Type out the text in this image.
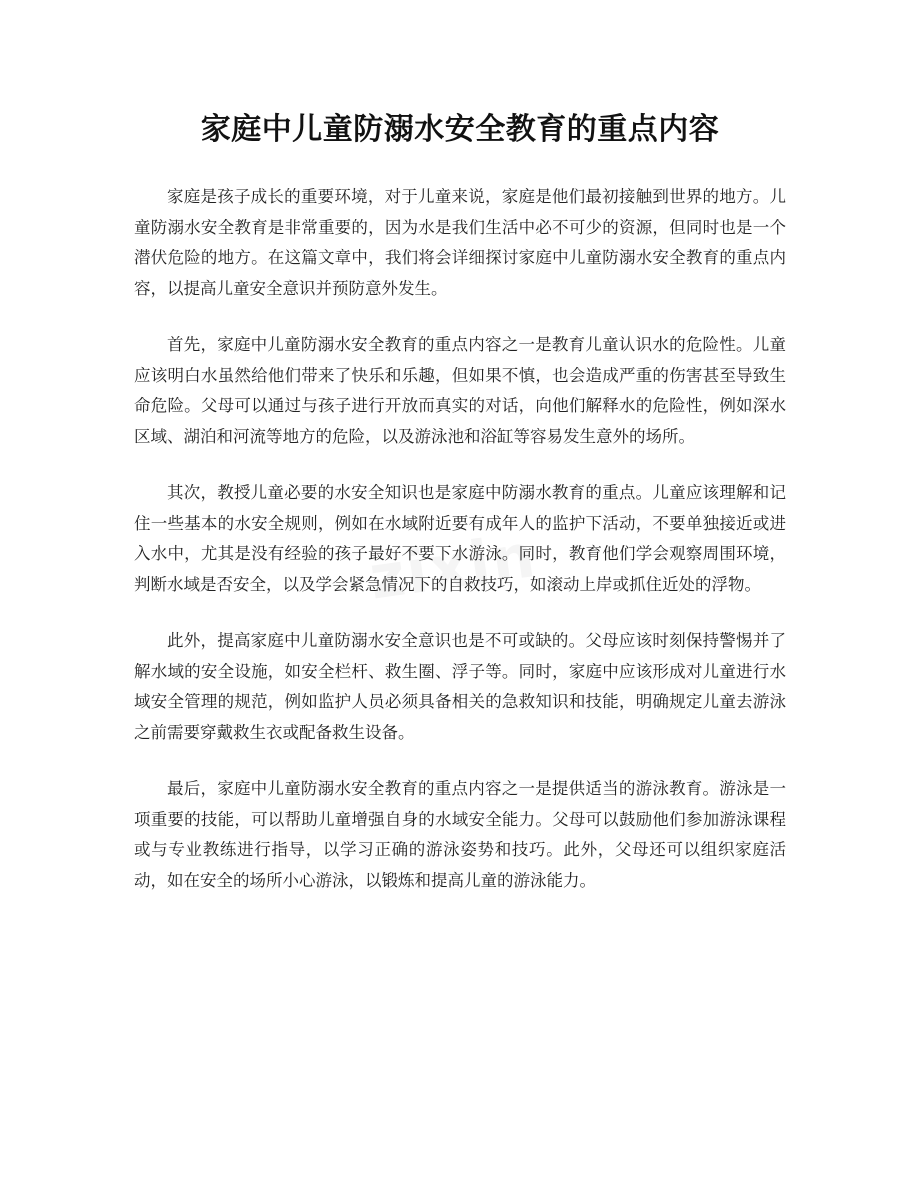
家庭中儿童防溺水安全教育的重点内容
zixin

家庭是孩子成长的重要环境，对于儿童来说，家庭是他们最初接触到世界的地方。儿童防溺水安全教育是非常重要的，因为水是我们生活中必不可少的资源，但同时也是一个潜伏危险的地方。在这篇文章中，我们将会详细探讨家庭中儿童防溺水安全教育的重点内容，以提高儿童安全意识并预防意外发生。

首先，家庭中儿童防溺水安全教育的重点内容之一是教育儿童认识水的危险性。儿童应该明白水虽然给他们带来了快乐和乐趣，但如果不慎，也会造成严重的伤害甚至导致生命危险。父母可以通过与孩子进行开放而真实的对话，向他们解释水的危险性，例如深水区域、湖泊和河流等地方的危险，以及游泳池和浴缸等容易发生意外的场所。

其次，教授儿童必要的水安全知识也是家庭中防溺水教育的重点。儿童应该理解和记住一些基本的水安全规则，例如在水域附近要有成年人的监护下活动，不要单独接近或进入水中，尤其是没有经验的孩子最好不要下水游泳。同时，教育他们学会观察周围环境，判断水域是否安全，以及学会紧急情况下的自救技巧，如滚动上岸或抓住近处的浮物。

此外，提高家庭中儿童防溺水安全意识也是不可或缺的。父母应该时刻保持警惕并了解水域的安全设施，如安全栏杆、救生圈、浮子等。同时，家庭中应该形成对儿童进行水域安全管理的规范，例如监护人员必须具备相关的急救知识和技能，明确规定儿童去游泳之前需要穿戴救生衣或配备救生设备。

最后，家庭中儿童防溺水安全教育的重点内容之一是提供适当的游泳教育。游泳是一项重要的技能，可以帮助儿童增强自身的水域安全能力。父母可以鼓励他们参加游泳课程或与专业教练进行指导，以学习正确的游泳姿势和技巧。此外，父母还可以组织家庭活动，如在安全的场所小心游泳，以锻炼和提高儿童的游泳能力。
